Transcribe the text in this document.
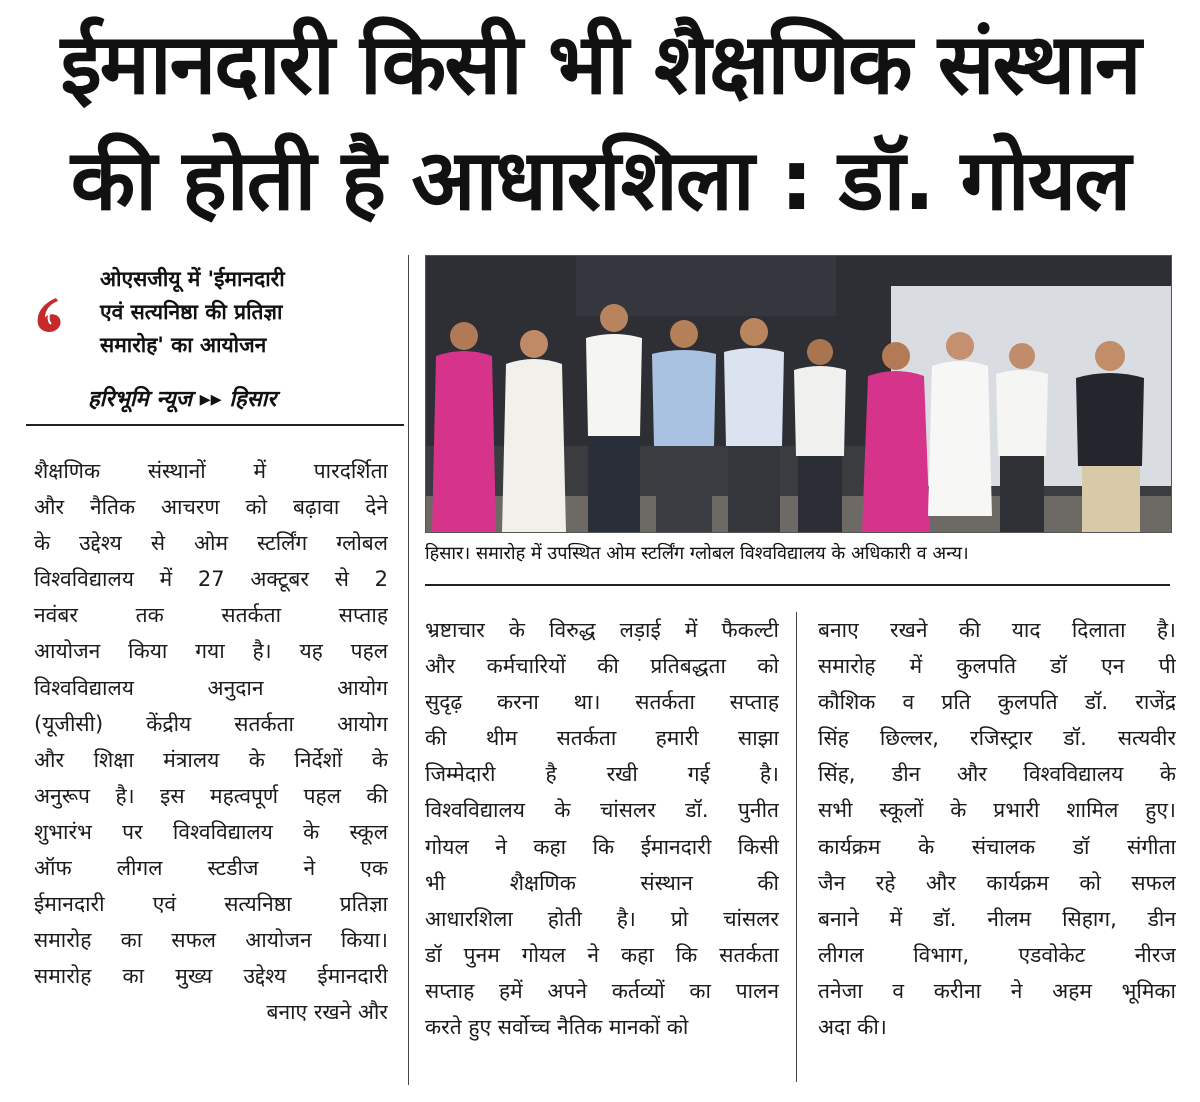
ईमानदारी किसी भी शैक्षणिक संस्थान
की होती है आधारशिला : डॉ. गोयल
ओएसजीयू में 'ईमानदारी
एवं सत्यनिष्ठा की प्रतिज्ञा
समारोह' का आयोजन
हरिभूमि न्यूज ▸▸ हिसार
हिसार। समारोह में उपस्थित ओम स्टर्लिंग ग्लोबल विश्वविद्यालय के अधिकारी व अन्य।
शैक्षणिक संस्थानों में पारदर्शिता
और नैतिक आचरण को बढ़ावा देने
के उद्देश्य से ओम स्टर्लिंग ग्लोबल
विश्वविद्यालय में 27 अक्टूबर से 2
नवंबर तक सतर्कता सप्ताह
आयोजन किया गया है। यह पहल
विश्वविद्यालय अनुदान आयोग
(यूजीसी) केंद्रीय सतर्कता आयोग
और शिक्षा मंत्रालय के निर्देशों के
अनुरूप है। इस महत्वपूर्ण पहल की
शुभारंभ पर विश्वविद्यालय के स्कूल
ऑफ लीगल स्टडीज ने एक
ईमानदारी एवं सत्यनिष्ठा प्रतिज्ञा
समारोह का सफल आयोजन किया।
समारोह का मुख्य उद्देश्य ईमानदारी
बनाए रखने और
भ्रष्टाचार के विरुद्ध लड़ाई में फैकल्टी
और कर्मचारियों की प्रतिबद्धता को
सुदृढ़ करना था। सतर्कता सप्ताह
की थीम सतर्कता हमारी साझा
जिम्मेदारी है रखी गई है।
विश्वविद्यालय के चांसलर डॉ. पुनीत
गोयल ने कहा कि ईमानदारी किसी
भी शैक्षणिक संस्थान की
आधारशिला होती है। प्रो चांसलर
डॉ पुनम गोयल ने कहा कि सतर्कता
सप्ताह हमें अपने कर्तव्यों का पालन
करते हुए सर्वोच्च नैतिक मानकों को
बनाए रखने की याद दिलाता है।
समारोह में कुलपति डॉ एन पी
कौशिक व प्रति कुलपति डॉ. राजेंद्र
सिंह छिल्लर, रजिस्ट्रार डॉ. सत्यवीर
सिंह, डीन और विश्वविद्यालय के
सभी स्कूलों के प्रभारी शामिल हुए।
कार्यक्रम के संचालक डॉ संगीता
जैन रहे और कार्यक्रम को सफल
बनाने में डॉ. नीलम सिहाग, डीन
लीगल विभाग, एडवोकेट नीरज
तनेजा व करीना ने अहम भूमिका
अदा की।
